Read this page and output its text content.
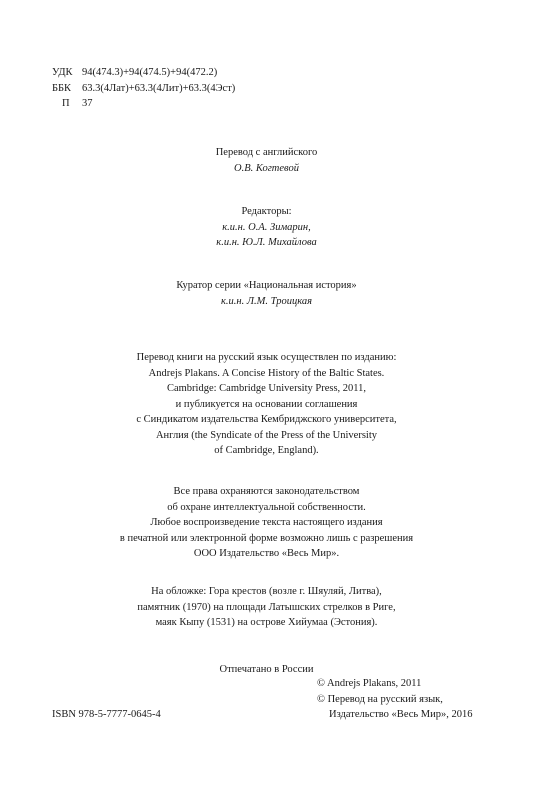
УДК 94(474.3)+94(474.5)+94(472.2)
ББК	63.3(4Лат)+63.3(4Лит)+63.3(4Эст)
П	37
Перевод с английского
О.В. Когтевой
Редакторы:
к.и.н. О.А. Зимарин,
к.и.н. Ю.Л. Михайлова
Куратор серии «Национальная история»
к.и.н. Л.М. Троицкая
Перевод книги на русский язык осуществлен по изданию:
Andrejs Plakans. A Concise History of the Baltic States.
Cambridge: Cambridge University Press, 2011,
и публикуется на основании соглашения
с Синдикатом издательства Кембриджского университета,
Англия (the Syndicate of the Press of the University
of Cambridge, England).
Все права охраняются законодательством
об охране интеллектуальной собственности.
Любое воспроизведение текста настоящего издания
в печатной или электронной форме возможно лишь с разрешения
ООО Издательство «Весь Мир».
На обложке: Гора крестов (возле г. Шяуляй, Литва),
памятник (1970) на площади Латышских стрелков в Риге,
маяк Кыпу (1531) на острове Хийумаа (Эстония).
Отпечатано в России
© Andrejs Plakans, 2011
© Перевод на русский язык,
Издательство «Весь Мир», 2016
ISBN 978-5-7777-0645-4
